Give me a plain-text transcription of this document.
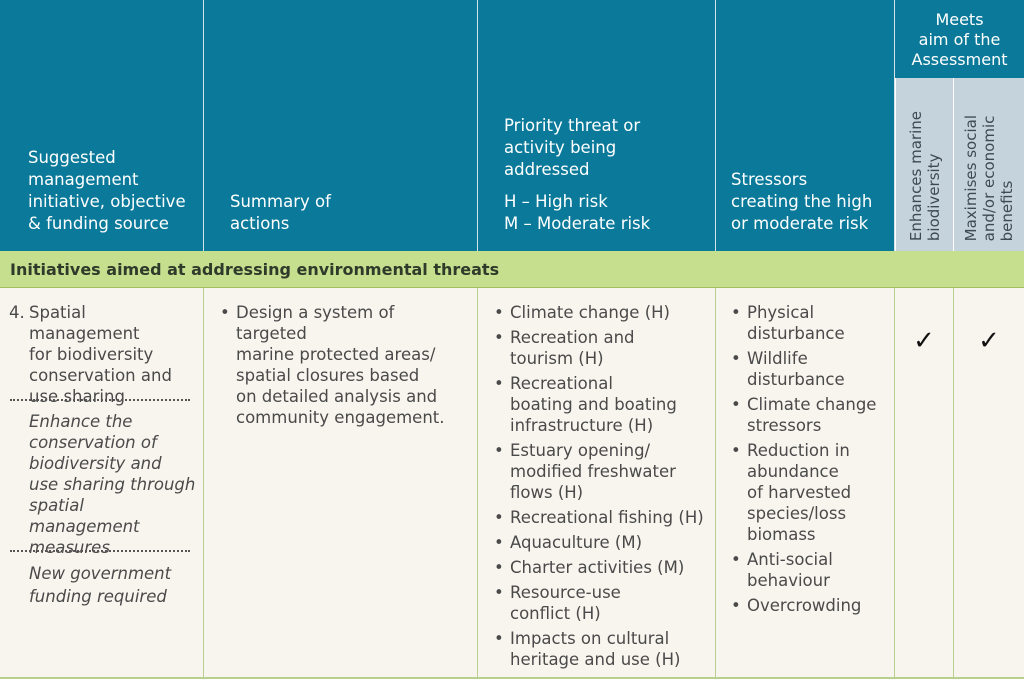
Suggested
management
initiative, objective
& funding source
Summary of
actions
Priority threat or
activity being
addressed
H – High risk
M – Moderate risk
Stressors
creating the high
or moderate risk
Meets
aim of the
Assessment
Enhances marine
biodiversity Maximises social
and/or economic
benefits
Initiatives aimed at addressing environmental threats
4. Spatial management
for biodiversity
conservation and
use sharing
Enhance the
conservation of
biodiversity and
use sharing through
spatial management
measures
New government
funding required
• Design a system of targeted
marine protected areas/
spatial closures based
on detailed analysis and
community engagement.
• Climate change (H)
• Recreation and
tourism (H)
• Recreational
boating and boating
infrastructure (H)
• Estuary opening/
modified freshwater
flows (H)
• Recreational fishing (H)
• Aquaculture (M)
• Charter activities (M)
• Resource-use
conflict (H)
• Impacts on cultural
heritage and use (H)
• Physical
disturbance
• Wildlife
disturbance
• Climate change
stressors
• Reduction in
abundance
of harvested
species/loss
biomass
• Anti-social
behaviour
• Overcrowding
✓	✓
